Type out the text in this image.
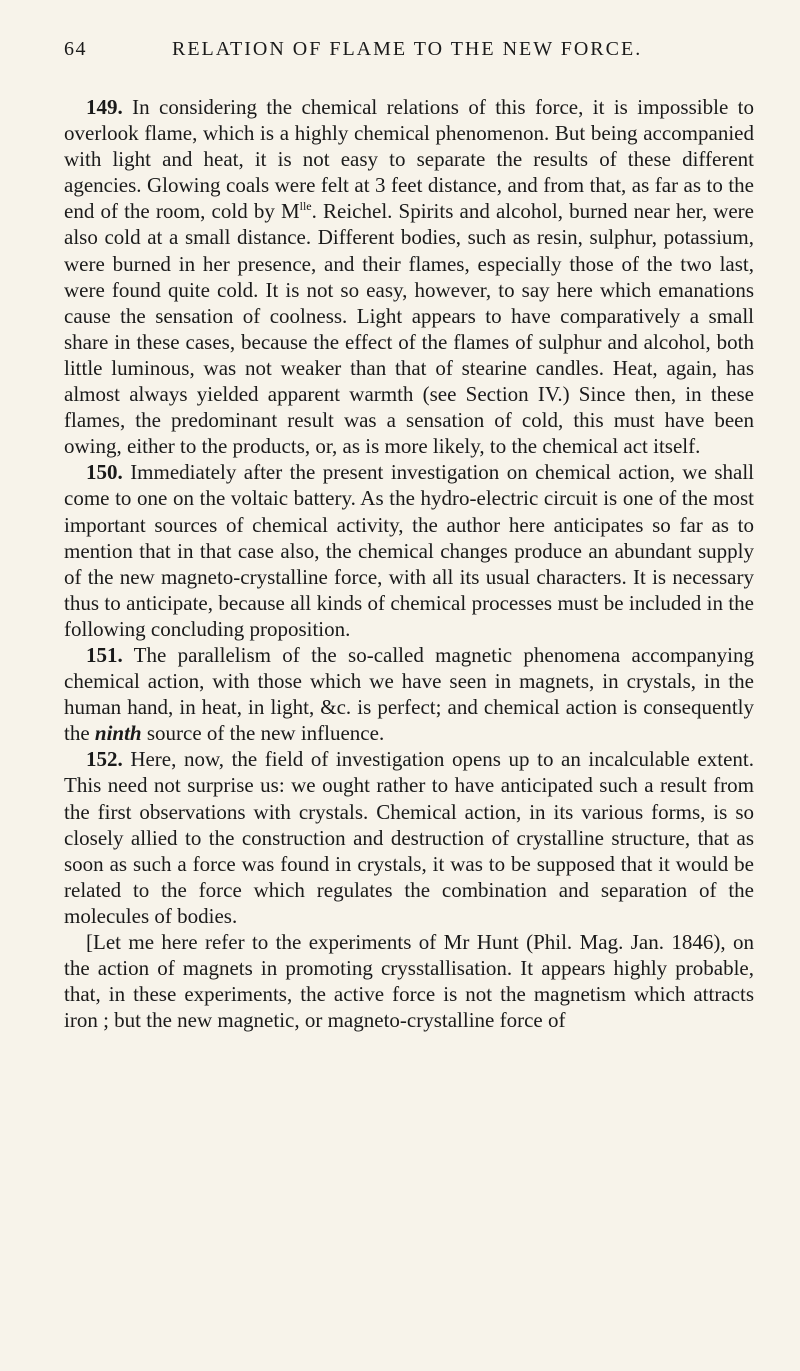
64	RELATION OF FLAME TO THE NEW FORCE.

149. In considering the chemical relations of this force, it is impossible to overlook flame, which is a highly chemical phenomenon. But being accompanied with light and heat, it is not easy to separate the results of these different agencies. Glowing coals were felt at 3 feet distance, and from that, as far as to the end of the room, cold by $M^{lle}$. Reichel. Spirits and alcohol, burned near her, were also cold at a small distance. Different bodies, such as resin, sulphur, potassium, were burned in her presence, and their flames, especially those of the two last, were found quite cold. It is not so easy, however, to say here which emanations cause the sensation of coolness. Light appears to have comparatively a small share in these cases, because the effect of the flames of sulphur and alcohol, both little luminous, was not weaker than that of stearine candles. Heat, again, has almost always yielded apparent warmth (see Section IV.) Since then, in these flames, the predominant result was a sensation of cold, this must have been owing, either to the products, or, as is more likely, to the chemical act itself.

150. Immediately after the present investigation on chemical action, we shall come to one on the voltaic battery. As the hydro-electric circuit is one of the most important sources of chemical activity, the author here anticipates so far as to mention that in that case also, the chemical changes produce an abundant supply of the new magneto-crystalline force, with all its usual characters. It is necessary thus to anticipate, because all kinds of chemical processes must be included in the following concluding proposition.

151. The parallelism of the so-called magnetic phenomena accompanying chemical action, with those which we have seen in magnets, in crystals, in the human hand, in heat, in light, &c. is perfect; and chemical action is consequently the ninth source of the new influence.

152. Here, now, the field of investigation opens up to an incalculable extent. This need not surprise us: we ought rather to have anticipated such a result from the first observations with crystals. Chemical action, in its various forms, is so closely allied to the construction and destruction of crystalline structure, that as soon as such a force was found in crystals, it was to be supposed that it would be related to the force which regulates the combination and separation of the molecules of bodies.

[Let me here refer to the experiments of Mr Hunt (Phil. Mag. Jan. 1846), on the action of magnets in promoting crysstallisation. It appears highly probable, that, in these experiments, the active force is not the magnetism which attracts iron ; but the new magnetic, or magneto-crystalline force of
